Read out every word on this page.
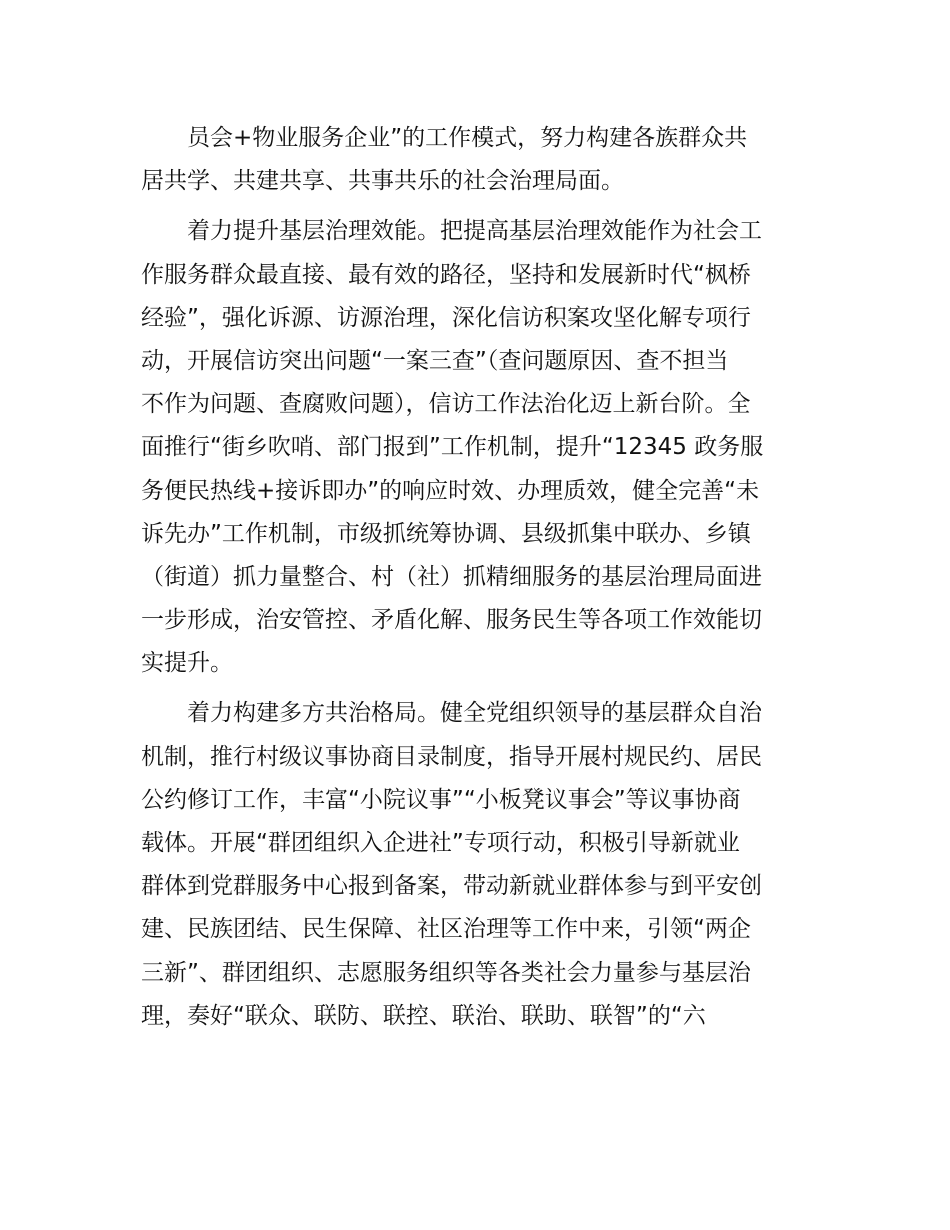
　　员会+物业服务企业”的工作模式，努力构建各族群众共
居共学、共建共享、共事共乐的社会治理局面。
　　着力提升基层治理效能。把提高基层治理效能作为社会工
作服务群众最直接、最有效的路径，坚持和发展新时代“枫桥
经验”，强化诉源、访源治理，深化信访积案攻坚化解专项行
动，开展信访突出问题“一案三查”（查问题原因、查不担当
不作为问题、查腐败问题），信访工作法治化迈上新台阶。全
面推行“街乡吹哨、部门报到”工作机制，提升“12345 政务服
务便民热线+接诉即办”的响应时效、办理质效，健全完善“未
诉先办”工作机制，市级抓统筹协调、县级抓集中联办、乡镇
（街道）抓力量整合、村（社）抓精细服务的基层治理局面进
一步形成，治安管控、矛盾化解、服务民生等各项工作效能切
实提升。
　　着力构建多方共治格局。健全党组织领导的基层群众自治
机制，推行村级议事协商目录制度，指导开展村规民约、居民
公约修订工作，丰富“小院议事”“小板凳议事会”等议事协商
载体。开展“群团组织入企进社”专项行动，积极引导新就业
群体到党群服务中心报到备案，带动新就业群体参与到平安创
建、民族团结、民生保障、社区治理等工作中来，引领“两企
三新”、群团组织、志愿服务组织等各类社会力量参与基层治
理，奏好“联众、联防、联控、联治、联助、联智”的“六
